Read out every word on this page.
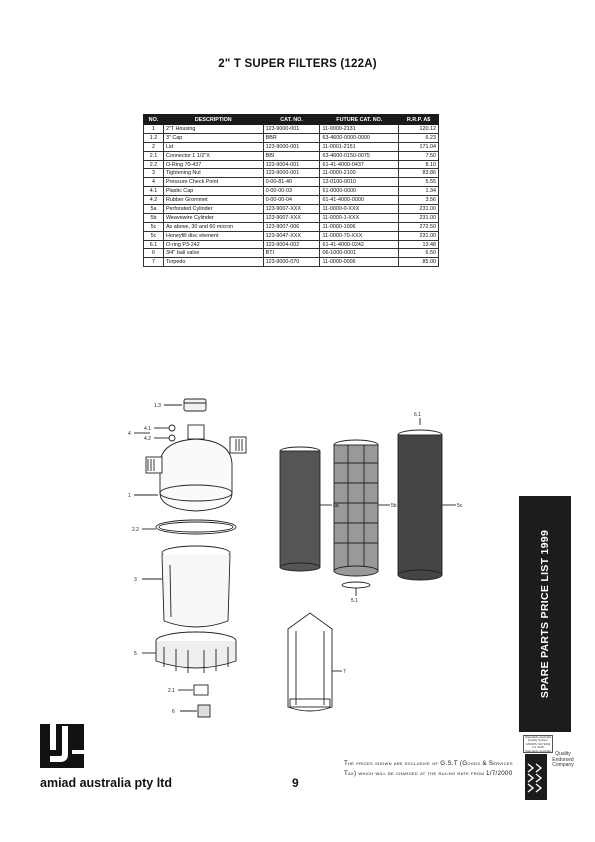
2" T SUPER FILTERS (122A)
NO.	DESCRIPTION	CAT. NO.	FUTURE CAT. NO.	R.R.P. A$
1	2"T Housing	123-9000-001	11-0000-2131	120.12
1.2	3" Cap	BBR	63-4600-0000-0000	6.23
2	Lid	123-9000-001	11-0001-2151	171.04
2.1	Connector 1 1/2"X	BBI	63-4600-0150-0075	7.50
2.2	O-Ring 70-437	123-9004-001	61-41-4000-0437	8.10
3	Tightening Nut	123-9000-001	11-0000-2100	83.86
4	Pressure Check Point	0-00-81-40	12-0100-0010	5.55
4.1	Plastic Cap	0-00-00-03	61-0000-0000	1.34
4.2	Rubber Grommet	0-00-00-04	61-41-4000-0000	3.56
5a	Perforated Cylinder	123-9007-XXX	11-0000-0-XXX	231.00
5b	Weavewire Cylinder	123-9007-XXX	11-0000-1-XXX	231.00
5c	As above, 30 and 60 micron	123-9007-006	11-0000-1006	272.50
5c	Honeyfill disc element	123-9047-XXX	11-0000-70-XXX	231.00
6.1	O-ring P3-242	123-9004-002	61-41-4000-0242	13.48
6	3/4" ball valve	BTI	06-1000-0001	6.50
7	Torpedo	123-9000-070	11-0000-0006	85.00
1.3
4
4.1
4.2
1
2.2
3
5
2.1
6
5a	5b	5c
6.1
5.1
7	SPARE PARTS PRICE LIST 1999
Standards Australia
Quality System
AS/NZS ISO 9002
Lic 4145
Standards Australia
Quality Endorsed Company
amiad australia pty ltd	9
The prices shown are exclusive of G.S.T (Goods & Services Tax) which will be charged at the ruling rate from 1/7/2000
